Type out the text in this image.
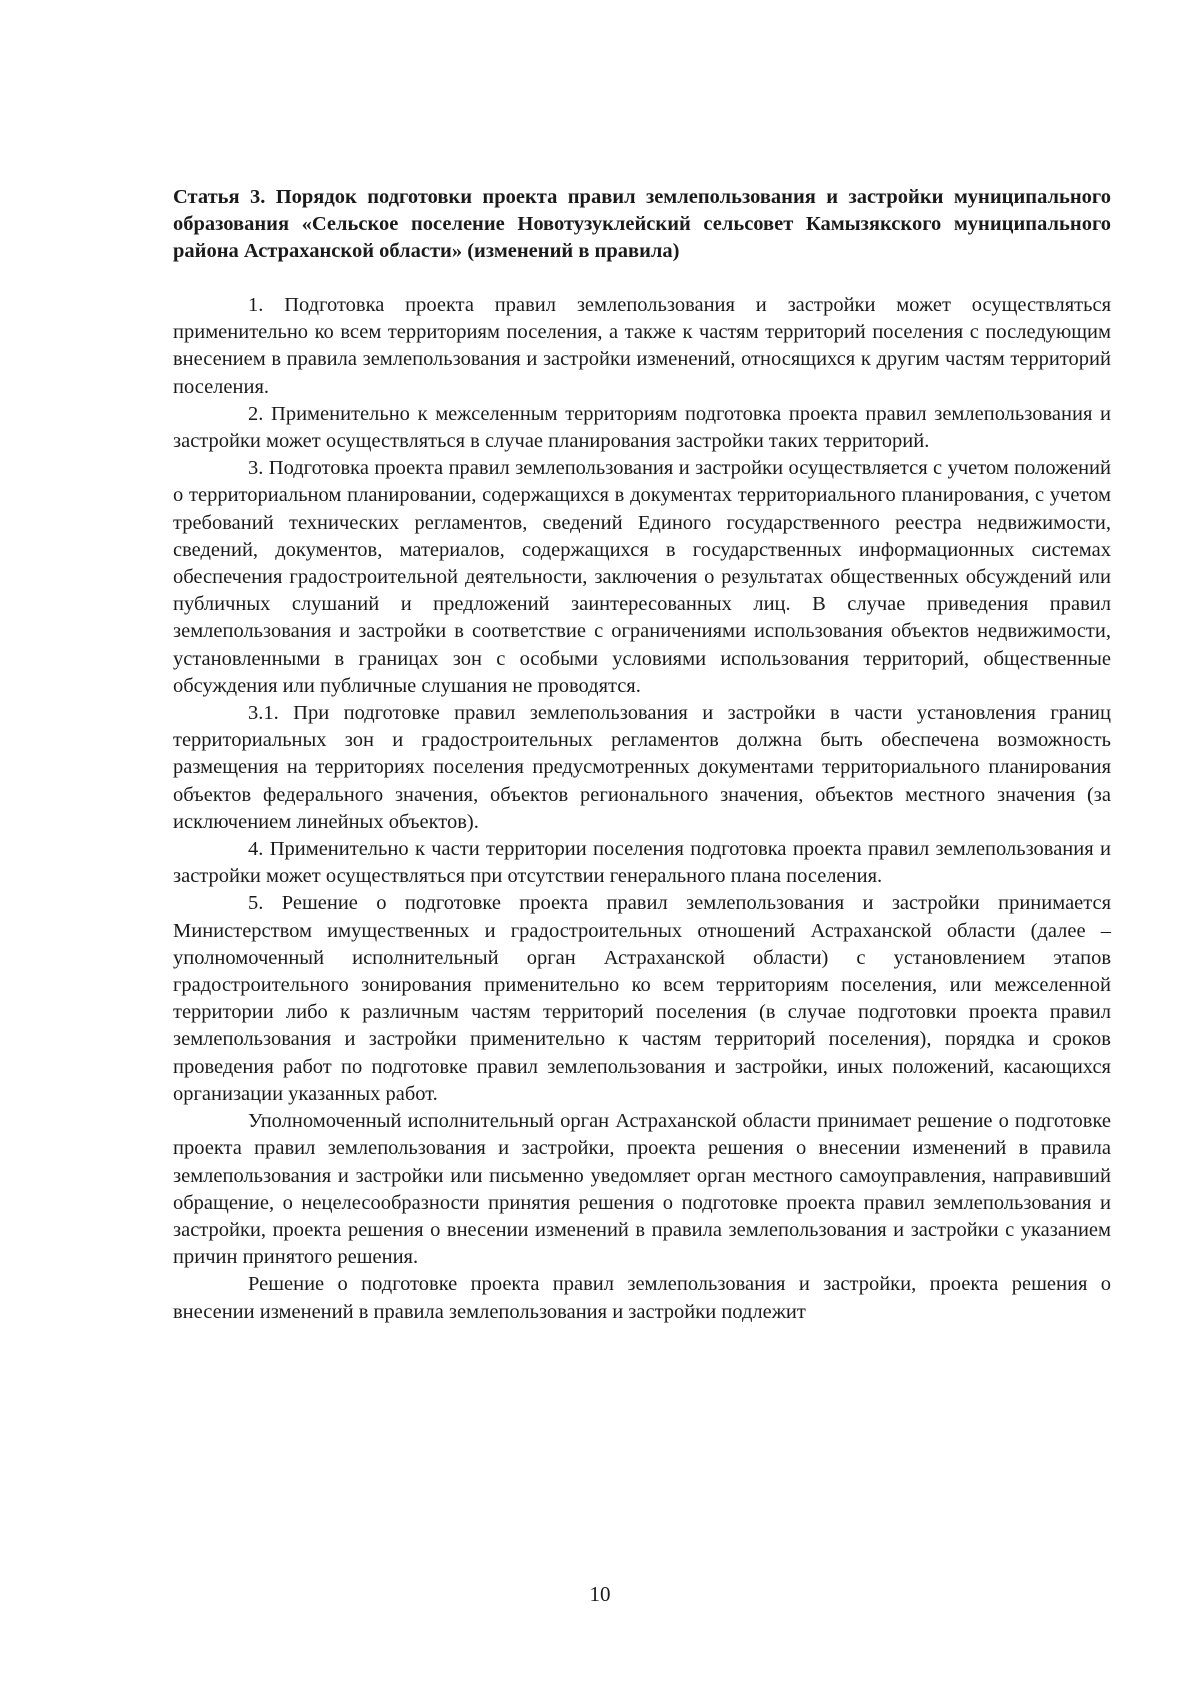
Статья 3. Порядок подготовки проекта правил землепользования и застройки муниципального образования «Сельское поселение Новотузуклейский сельсовет Камызякского муниципального района Астраханской области» (изменений в правила)

1. Подготовка проекта правил землепользования и застройки может осуществляться применительно ко всем территориям поселения, а также к частям территорий поселения с последующим внесением в правила землепользования и застройки изменений, относящихся к другим частям территорий поселения.

2. Применительно к межселенным территориям подготовка проекта правил землепользования и застройки может осуществляться в случае планирования застройки таких территорий.

3. Подготовка проекта правил землепользования и застройки осуществляется с учетом положений о территориальном планировании, содержащихся в документах территориального планирования, с учетом требований технических регламентов, сведений Единого государственного реестра недвижимости, сведений, документов, материалов, содержащихся в государственных информационных системах обеспечения градостроительной деятельности, заключения о результатах общественных обсуждений или публичных слушаний и предложений заинтересованных лиц. В случае приведения правил землепользования и застройки в соответствие с ограничениями использования объектов недвижимости, установленными в границах зон с особыми условиями использования территорий, общественные обсуждения или публичные слушания не проводятся.

3.1. При подготовке правил землепользования и застройки в части установления границ территориальных зон и градостроительных регламентов должна быть обеспечена возможность размещения на территориях поселения предусмотренных документами территориального планирования объектов федерального значения, объектов регионального значения, объектов местного значения (за исключением линейных объектов).

4. Применительно к части территории поселения подготовка проекта правил землепользования и застройки может осуществляться при отсутствии генерального плана поселения.

5. Решение о подготовке проекта правил землепользования и застройки принимается Министерством имущественных и градостроительных отношений Астраханской области (далее – уполномоченный исполнительный орган Астраханской области) с установлением этапов градостроительного зонирования применительно ко всем территориям поселения, или межселенной территории либо к различным частям территорий поселения (в случае подготовки проекта правил землепользования и застройки применительно к частям территорий поселения), порядка и сроков проведения работ по подготовке правил землепользования и застройки, иных положений, касающихся организации указанных работ.

Уполномоченный исполнительный орган Астраханской области принимает решение о подготовке проекта правил землепользования и застройки, проекта решения о внесении изменений в правила землепользования и застройки или письменно уведомляет орган местного самоуправления, направивший обращение, о нецелесообразности принятия решения о подготовке проекта правил землепользования и застройки, проекта решения о внесении изменений в правила землепользования и застройки с указанием причин принятого решения.

Решение о подготовке проекта правил землепользования и застройки, проекта решения о внесении изменений в правила землепользования и застройки подлежит

10
